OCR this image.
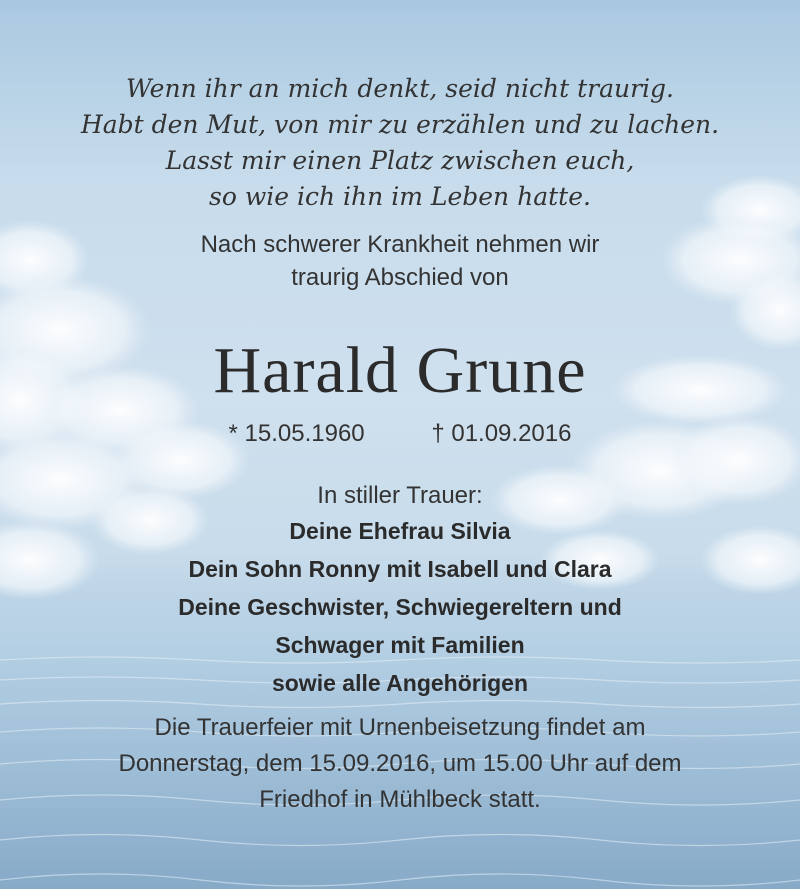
Wenn ihr an mich denkt, seid nicht traurig.
Habt den Mut, von mir zu erzählen und zu lachen.
Lasst mir einen Platz zwischen euch,
so wie ich ihn im Leben hatte.
Nach schwerer Krankheit nehmen wir
traurig Abschied von
Harald Grune
* 15.05.1960	† 01.09.2016
In stiller Trauer:
Deine Ehefrau Silvia
Dein Sohn Ronny mit Isabell und Clara
Deine Geschwister, Schwiegereltern und
Schwager mit Familien
sowie alle Angehörigen
Die Trauerfeier mit Urnenbeisetzung findet am
Donnerstag, dem 15.09.2016, um 15.00 Uhr auf dem
Friedhof in Mühlbeck statt.
